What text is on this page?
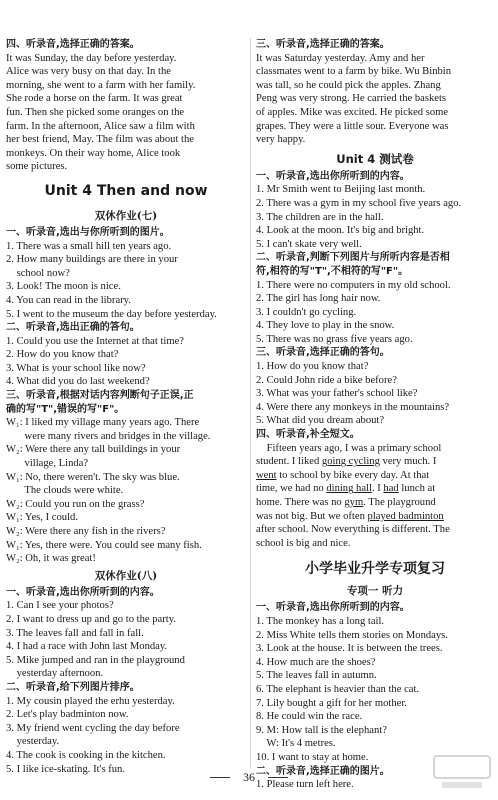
四、听录音,选择正确的答案。
It was Sunday, the day before yesterday.
Alice was very busy on that day. In the
morning, she went to a farm with her family.
She rode a horse on the farm. It was great
fun. Then she picked some oranges on the
farm. In the afternoon, Alice saw a film with
her best friend, May. The film was about the
monkeys. On their way home, Alice took
some pictures.
Unit 4 Then and now
双休作业(七)
一、听录音,选出与你所听到的图片。
1. There was a small hill ten years ago.
2. How many buildings are there in your
school now?
3. Look! The moon is nice.
4. You can read in the library.
5. I went to the museum the day before yesterday.
二、听录音,选出正确的答句。
1. Could you use the Internet at that time?
2. How do you know that?
3. What is your school like now?
4. What did you do last weekend?
三、听录音,根据对话内容判断句子正误,正
确的写"T",错误的写"F"。
W₁: I liked my village many years ago. There
were many rivers and bridges in the village.
W₂: Were there any tall buildings in your
village, Linda?
W₁: No, there weren't. The sky was blue.
The clouds were white.
W₂: Could you run on the grass?
W₁: Yes, I could.
W₂: Were there any fish in the rivers?
W₁: Yes, there were. You could see many fish.
W₂: Oh, it was great!
双休作业(八)
一、听录音,选出你所听到的内容。
1. Can I see your photos?
2. I want to dress up and go to the party.
3. The leaves fall and fall in fall.
4. I had a race with John last Monday.
5. Mike jumped and ran in the playground
yesterday afternoon.
二、听录音,给下列图片排序。
1. My cousin played the erhu yesterday.
2. Let's play badminton now.
3. My friend went cycling the day before
yesterday.
4. The cook is cooking in the kitchen.
5. I like ice-skating. It's fun.
三、听录音,选择正确的答案。
It was Saturday yesterday. Amy and her
classmates went to a farm by bike. Wu Binbin
was tall, so he could pick the apples. Zhang
Peng was very strong. He carried the baskets
of apples. Mike was excited. He picked some
grapes. They were a little sour. Everyone was
very happy.
Unit 4 测试卷
一、听录音,选出你所听到的内容。
1. Mr Smith went to Beijing last month.
2. There was a gym in my school five years ago.
3. The children are in the hall.
4. Look at the moon. It's big and bright.
5. I can't skate very well.
二、听录音,判断下列图片与所听内容是否相
符,相符的写"T",不相符的写"F"。
1. There were no computers in my old school.
2. The girl has long hair now.
3. I couldn't go cycling.
4. They love to play in the snow.
5. There was no grass five years ago.
三、听录音,选择正确的答句。
1. How do you know that?
2. Could John ride a bike before?
3. What was your father's school like?
4. Were there any monkeys in the mountains?
5. What did you dream about?
四、听录音,补全短文。
Fifteen years ago, I was a primary school
student. I liked going cycling very much. I
went to school by bike every day. At that
time, we had no dining hall. I had lunch at
home. There was no gym. The playground
was not big. But we often played badminton
after school. Now everything is different. The
school is big and nice.
小学毕业升学专项复习
专项一 听力
一、听录音,选出你所听到的内容。
1. The monkey has a long tail.
2. Miss White tells them stories on Mondays.
3. Look at the house. It is between the trees.
4. How much are the shoes?
5. The leaves fall in autumn.
6. The elephant is heavier than the cat.
7. Lily bought a gift for her mother.
8. He could win the race.
9. M: How tall is the elephant?
W: It's 4 metres.
10. I want to stay at home.
二、听录音,选择正确的图片。
1. Please turn left here.
36
